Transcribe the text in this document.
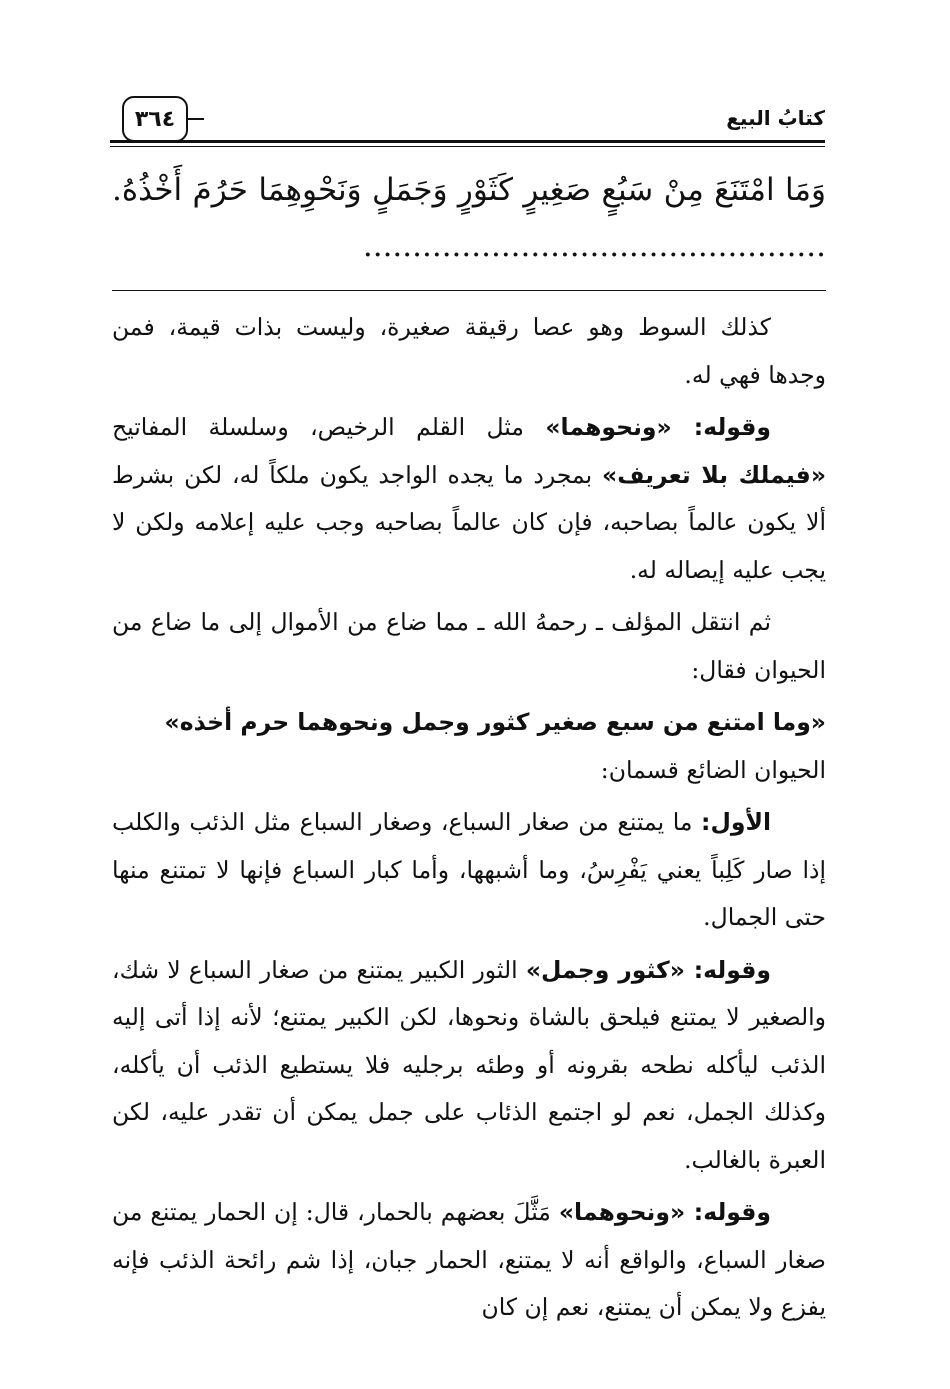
كتابُ البيع
٣٦٤
وَمَا امْتَنَعَ مِنْ سَبُعٍ صَغِيرٍ كَثَوْرٍ وَجَمَلٍ وَنَحْوِهِمَا حَرُمَ أَخْذُهُ. ...............................................

كذلك السوط وهو عصا رقيقة صغيرة، وليست بذات قيمة، فمن وجدها فهي له.

وقوله: «ونحوهما» مثل القلم الرخيص، وسلسلة المفاتيح «فيملك بلا تعريف» بمجرد ما يجده الواجد يكون ملكاً له، لكن بشرط ألا يكون عالماً بصاحبه، فإن كان عالماً بصاحبه وجب عليه إعلامه ولكن لا يجب عليه إيصاله له.

ثم انتقل المؤلف ـ رحمهُ الله ـ مما ضاع من الأموال إلى ما ضاع من الحيوان فقال:

«وما امتنع من سبع صغير كثور وجمل ونحوهما حرم أخذه»

الحيوان الضائع قسمان:

الأول: ما يمتنع من صغار السباع، وصغار السباع مثل الذئب والكلب إذا صار كَلِباً يعني يَفْرِسُ، وما أشبهها، وأما كبار السباع فإنها لا تمتنع منها حتى الجمال.

وقوله: «كثور وجمل» الثور الكبير يمتنع من صغار السباع لا شك، والصغير لا يمتنع فيلحق بالشاة ونحوها، لكن الكبير يمتنع؛ لأنه إذا أتى إليه الذئب ليأكله نطحه بقرونه أو وطئه برجليه فلا يستطيع الذئب أن يأكله، وكذلك الجمل، نعم لو اجتمع الذئاب على جمل يمكن أن تقدر عليه، لكن العبرة بالغالب.

وقوله: «ونحوهما» مَثَّلَ بعضهم بالحمار، قال: إن الحمار يمتنع من صغار السباع، والواقع أنه لا يمتنع، الحمار جبان، إذا شم رائحة الذئب فإنه يفزع ولا يمكن أن يمتنع، نعم إن كان
